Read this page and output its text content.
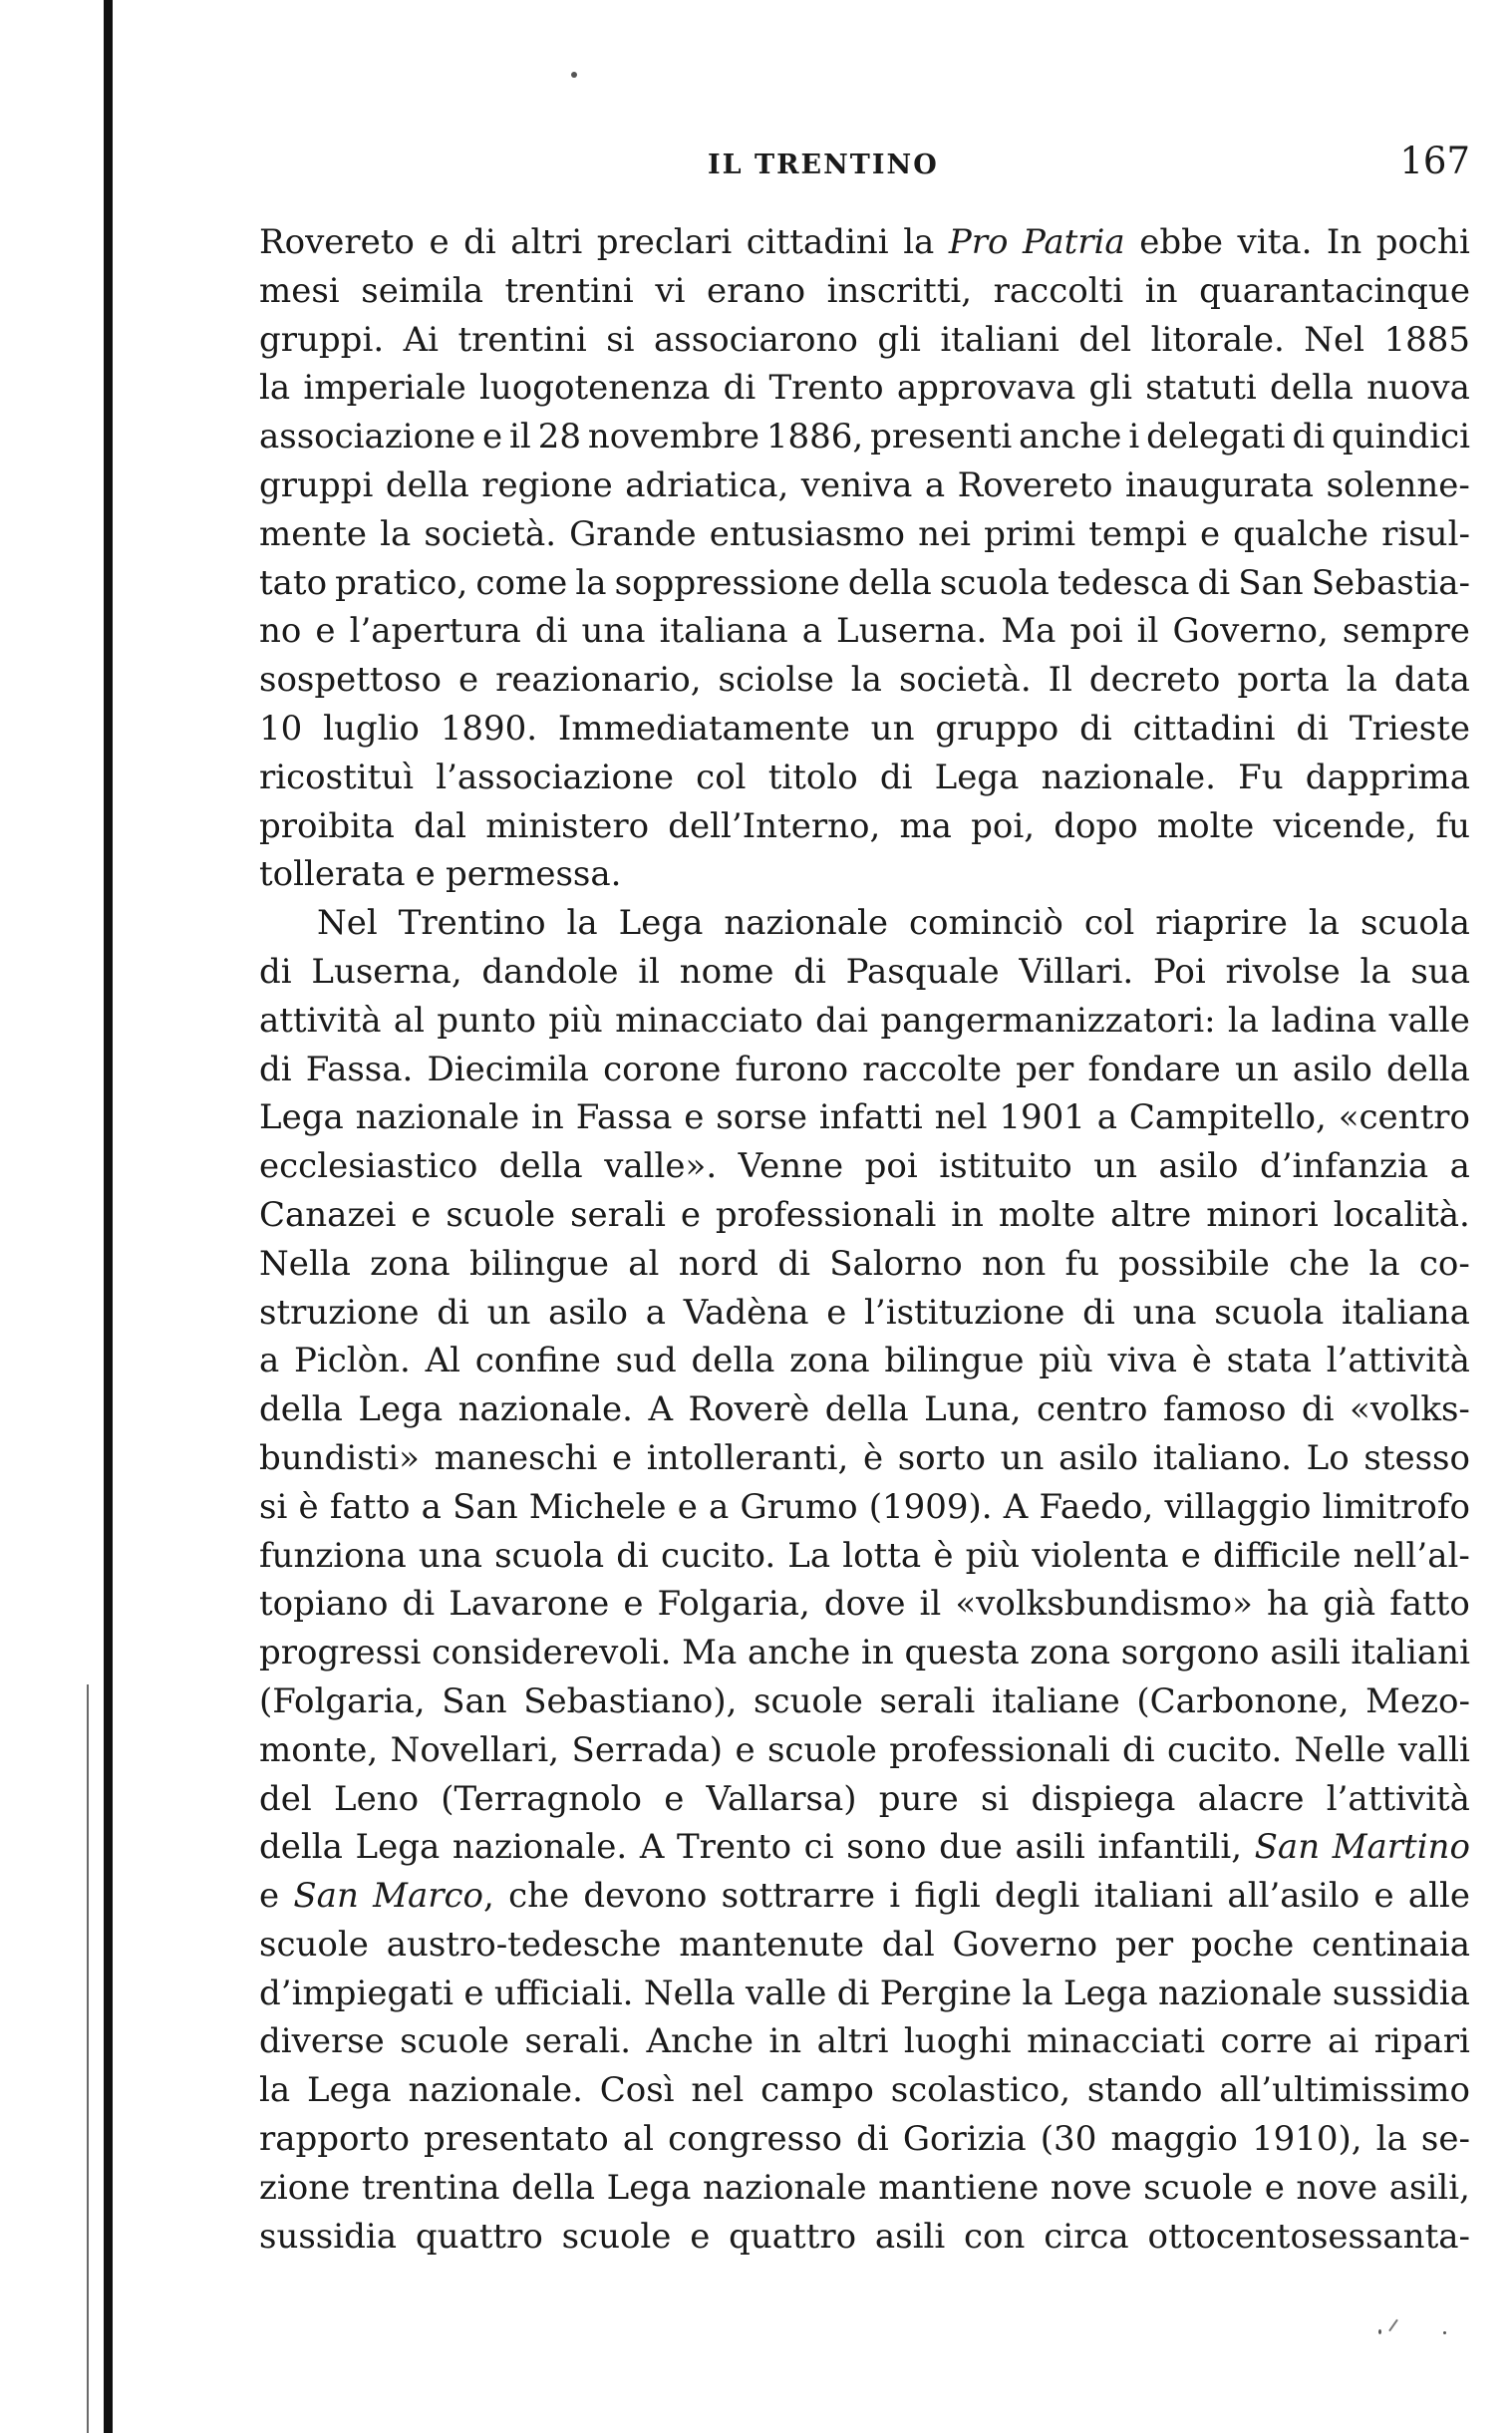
IL TRENTINO	167
Rovereto e di altri preclari cittadini la Pro Patria ebbe vita. In pochi
mesi seimila trentini vi erano inscritti, raccolti in quarantacinque
gruppi. Ai trentini si associarono gli italiani del litorale. Nel 1885
la imperiale luogotenenza di Trento approvava gli statuti della nuova
associazione e il 28 novembre 1886, presenti anche i delegati di quindici
gruppi della regione adriatica, veniva a Rovereto inaugurata solenne-
mente la società. Grande entusiasmo nei primi tempi e qualche risul-
tato pratico, come la soppressione della scuola tedesca di San Sebastia-
no e l’apertura di una italiana a Luserna. Ma poi il Governo, sempre
sospettoso e reazionario, sciolse la società. Il decreto porta la data
10 luglio 1890. Immediatamente un gruppo di cittadini di Trieste
ricostituì l’associazione col titolo di Lega nazionale. Fu dapprima
proibita dal ministero dell’Interno, ma poi, dopo molte vicende, fu
tollerata e permessa.
Nel Trentino la Lega nazionale cominciò col riaprire la scuola
di Luserna, dandole il nome di Pasquale Villari. Poi rivolse la sua
attività al punto più minacciato dai pangermanizzatori: la ladina valle
di Fassa. Diecimila corone furono raccolte per fondare un asilo della
Lega nazionale in Fassa e sorse infatti nel 1901 a Campitello, «centro
ecclesiastico della valle». Venne poi istituito un asilo d’infanzia a
Canazei e scuole serali e professionali in molte altre minori località.
Nella zona bilingue al nord di Salorno non fu possibile che la co-
struzione di un asilo a Vadèna e l’istituzione di una scuola italiana
a Piclòn. Al confine sud della zona bilingue più viva è stata l’attività
della Lega nazionale. A Roverè della Luna, centro famoso di «volks-
bundisti» maneschi e intolleranti, è sorto un asilo italiano. Lo stesso
si è fatto a San Michele e a Grumo (1909). A Faedo, villaggio limitrofo
funziona una scuola di cucito. La lotta è più violenta e difficile nell’al-
topiano di Lavarone e Folgaria, dove il «volksbundismo» ha già fatto
progressi considerevoli. Ma anche in questa zona sorgono asili italiani
(Folgaria, San Sebastiano), scuole serali italiane (Carbonone, Mezo-
monte, Novellari, Serrada) e scuole professionali di cucito. Nelle valli
del Leno (Terragnolo e Vallarsa) pure si dispiega alacre l’attività
della Lega nazionale. A Trento ci sono due asili infantili, San Martino
e San Marco, che devono sottrarre i figli degli italiani all’asilo e alle
scuole austro-tedesche mantenute dal Governo per poche centinaia
d’impiegati e ufficiali. Nella valle di Pergine la Lega nazionale sussidia
diverse scuole serali. Anche in altri luoghi minacciati corre ai ripari
la Lega nazionale. Così nel campo scolastico, stando all’ultimissimo
rapporto presentato al congresso di Gorizia (30 maggio 1910), la se-
zione trentina della Lega nazionale mantiene nove scuole e nove asili,
sussidia quattro scuole e quattro asili con circa ottocentosessanta-
